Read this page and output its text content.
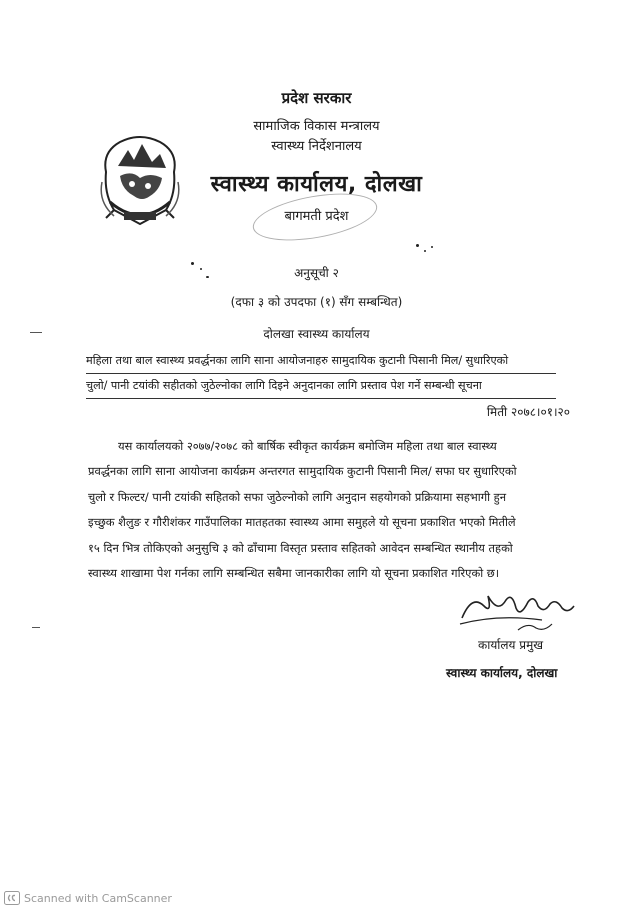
प्रदेश सरकार
सामाजिक विकास मन्त्रालय
स्वास्थ्य निर्देशनालय
स्वास्थ्य कार्यालय, दोलखा
बागमती प्रदेश
अनुसूची २
(दफा ३ को उपदफा (१) सँग सम्बन्धित)
दोलखा स्वास्थ्य कार्यालय
महिला तथा बाल स्वास्थ्य प्रवर्द्धनका लागि साना आयोजनाहरु सामुदायिक कुटानी पिसानी मिल/ सुधारिएको
चुलो/ पानी टयांकी सहीतको जुठेल्नोका लागि दिइने अनुदानका लागि प्रस्ताव पेश गर्ने सम्बन्धी सूचना
मिती २०७८।०१।२०
यस कार्यालयको २०७७/२०७८ को बार्षिक स्वीकृत कार्यक्रम बमोजिम महिला तथा बाल स्वास्थ्य
प्रवर्द्धनका लागि साना आयोजना कार्यक्रम अन्तरगत सामुदायिक कुटानी पिसानी मिल/ सफा घर सुधारिएको
चुलो र फिल्टर/ पानी टयांकी सहितको सफा जुठेल्नोको लागि अनुदान सहयोगको प्रक्रियामा सहभागी हुन
इच्छुक शैलुङ र गौरीशंकर गाउँपालिका मातहतका स्वास्थ्य आमा समुहले यो सूचना प्रकाशित भएको मितीले
१५ दिन भित्र तोकिएको अनुसुचि ३ को ढाँचामा विस्तृत प्रस्ताव सहितको आवेदन सम्बन्धित स्थानीय तहको
स्वास्थ्य शाखामा पेश गर्नका लागि सम्बन्धित सबैमा जानकारीका लागि यो सूचना प्रकाशित गरिएको छ।
कार्यालय प्रमुख
स्वास्थ्य कार्यालय, दोलखा
Scanned with CamScanner
